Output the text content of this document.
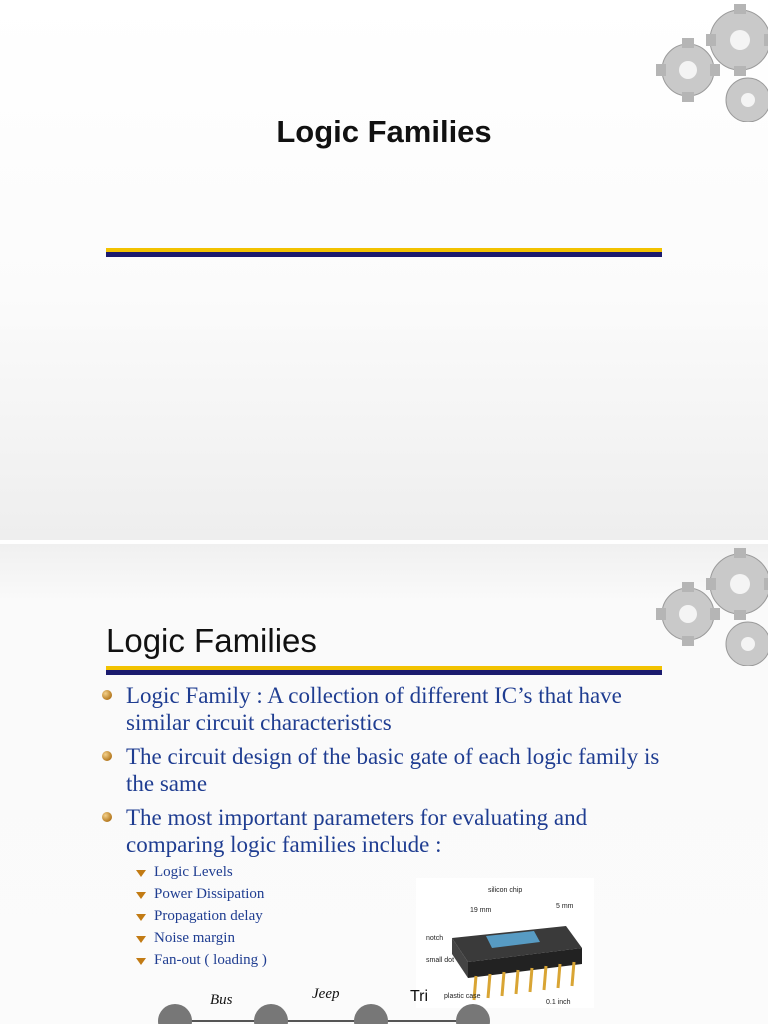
Logic Families
Logic Families
Logic Family : A collection of different IC’s that have similar circuit characteristics
The circuit design of the basic gate of each logic family is the same
The most important parameters for evaluating and comparing logic families include :
Logic Levels
Power Dissipation
Propagation delay
Noise margin
Fan-out ( loading )
silicon chip
19 mm
5 mm
notch
small dot
plastic case
0.1 inch
Bus	Jeep	Tri
